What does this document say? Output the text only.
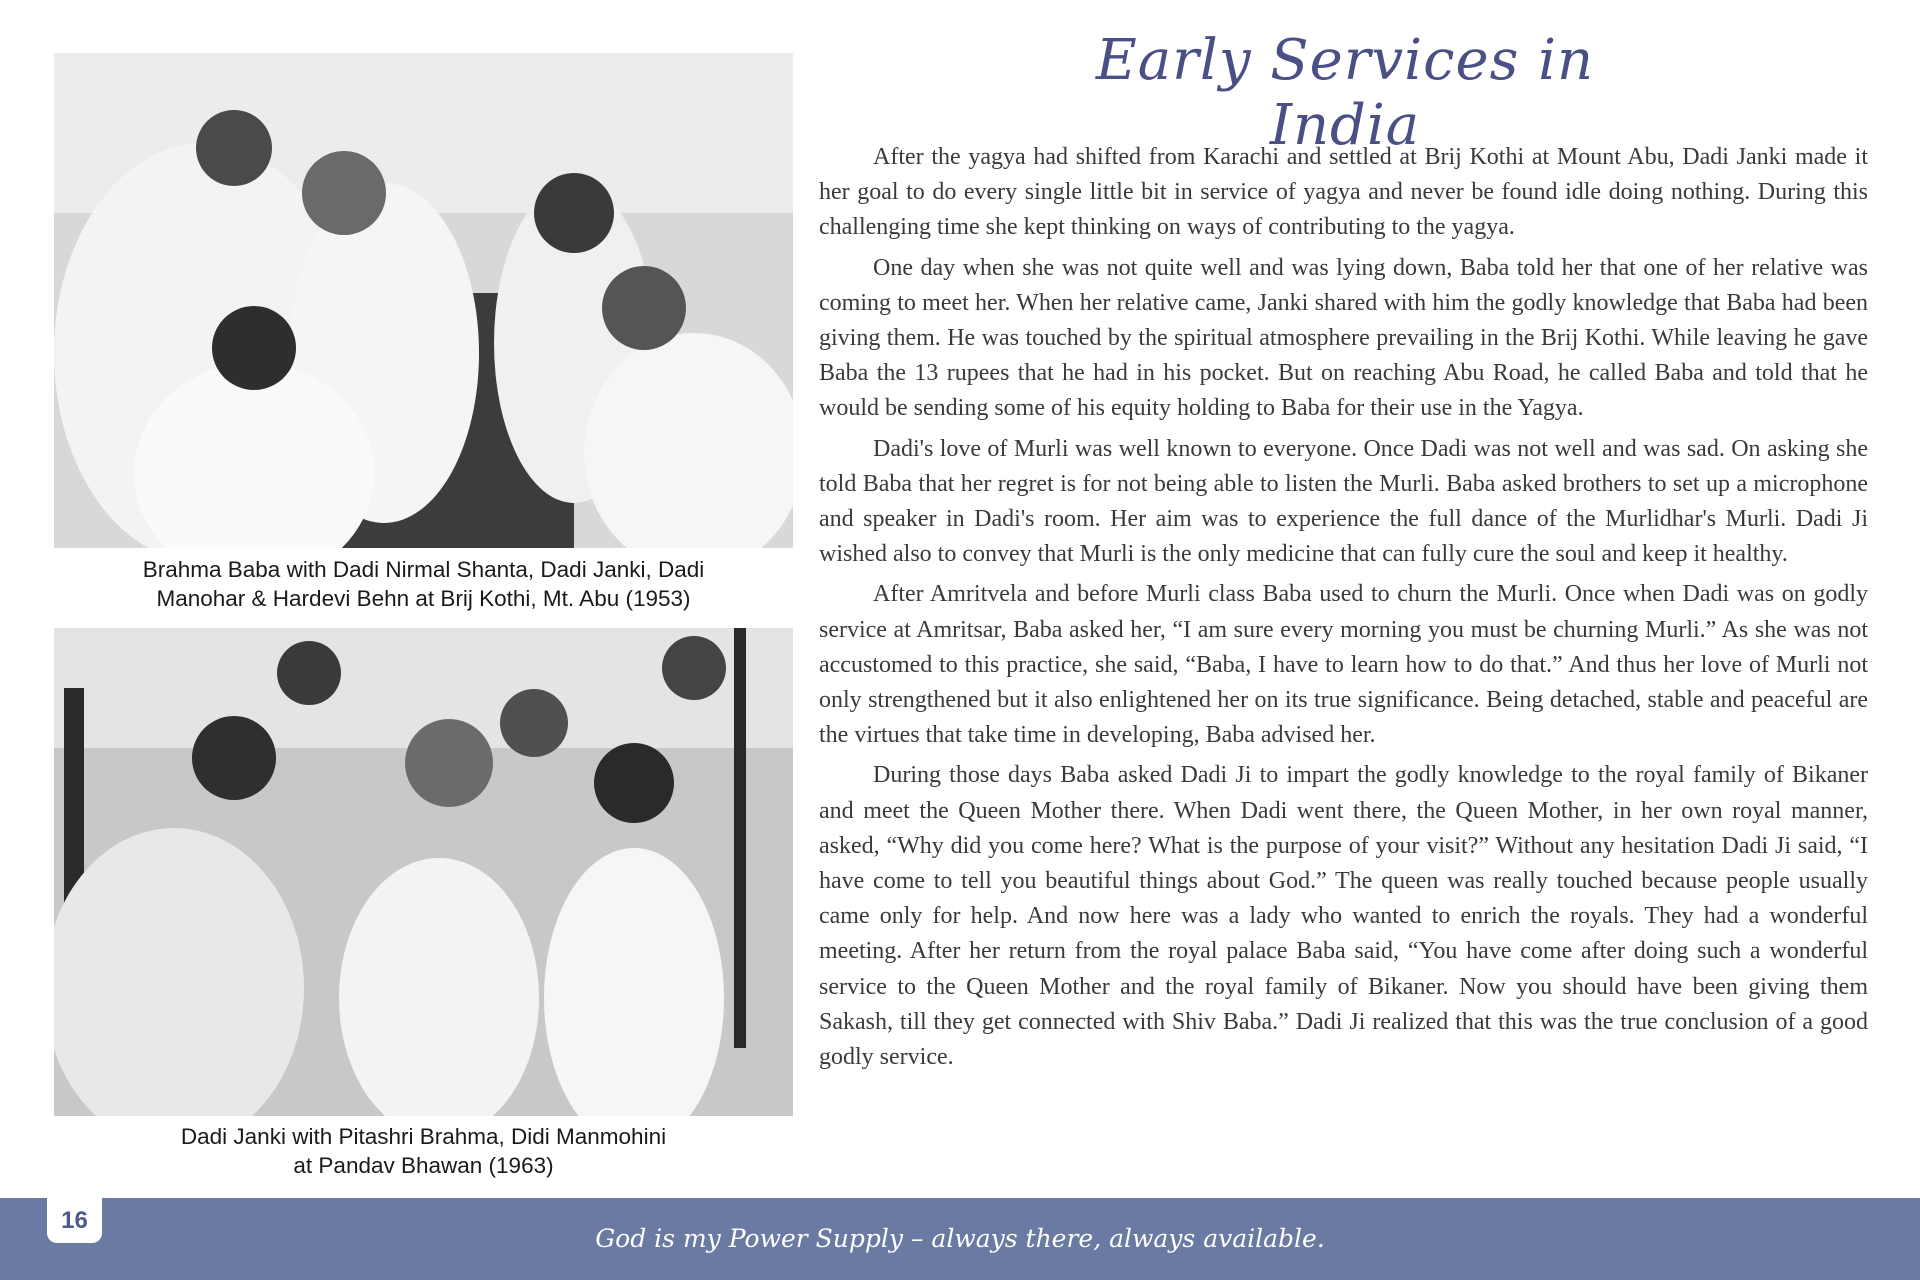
Brahma Baba with Dadi Nirmal Shanta, Dadi Janki, Dadi
Manohar & Hardevi Behn at Brij Kothi, Mt. Abu (1953)
Dadi Janki with Pitashri Brahma, Didi Manmohini
at Pandav Bhawan (1963)
Early Services in India

After the yagya had shifted from Karachi and settled at Brij Kothi at Mount Abu, Dadi Janki made it her goal to do every single little bit in service of yagya and never be found idle doing nothing. During this challenging time she kept thinking on ways of contributing to the yagya.

One day when she was not quite well and was lying down, Baba told her that one of her relative was coming to meet her. When her relative came, Janki shared with him the godly knowledge that Baba had been giving them. He was touched by the spiritual atmosphere prevailing in the Brij Kothi. While leaving he gave Baba the 13 rupees that he had in his pocket. But on reaching Abu Road, he called Baba and told that he would be sending some of his equity holding to Baba for their use in the Yagya.

Dadi's love of Murli was well known to everyone. Once Dadi was not well and was sad. On asking she told Baba that her regret is for not being able to listen the Murli. Baba asked brothers to set up a microphone and speaker in Dadi's room. Her aim was to experience the full dance of the Murlidhar's Murli. Dadi Ji wished also to convey that Murli is the only medicine that can fully cure the soul and keep it healthy.

After Amritvela and before Murli class Baba used to churn the Murli. Once when Dadi was on godly service at Amritsar, Baba asked her, “I am sure every morning you must be churning Murli.” As she was not accustomed to this practice, she said, “Baba, I have to learn how to do that.” And thus her love of Murli not only strengthened but it also enlightened her on its true significance. Being detached, stable and peaceful are the virtues that take time in developing, Baba advised her.

During those days Baba asked Dadi Ji to impart the godly knowledge to the royal family of Bikaner and meet the Queen Mother there. When Dadi went there, the Queen Mother, in her own royal manner, asked, “Why did you come here? What is the purpose of your visit?” Without any hesitation Dadi Ji said, “I have come to tell you beautiful things about God.” The queen was really touched because people usually came only for help. And now here was a lady who wanted to enrich the royals. They had a wonderful meeting. After her return from the royal palace Baba said, “You have come after doing such a wonderful service to the Queen Mother and the royal family of Bikaner. Now you should have been giving them Sakash, till they get connected with Shiv Baba.” Dadi Ji realized that this was the true conclusion of a good godly service.

16
God is my Power Supply – always there, always available.
